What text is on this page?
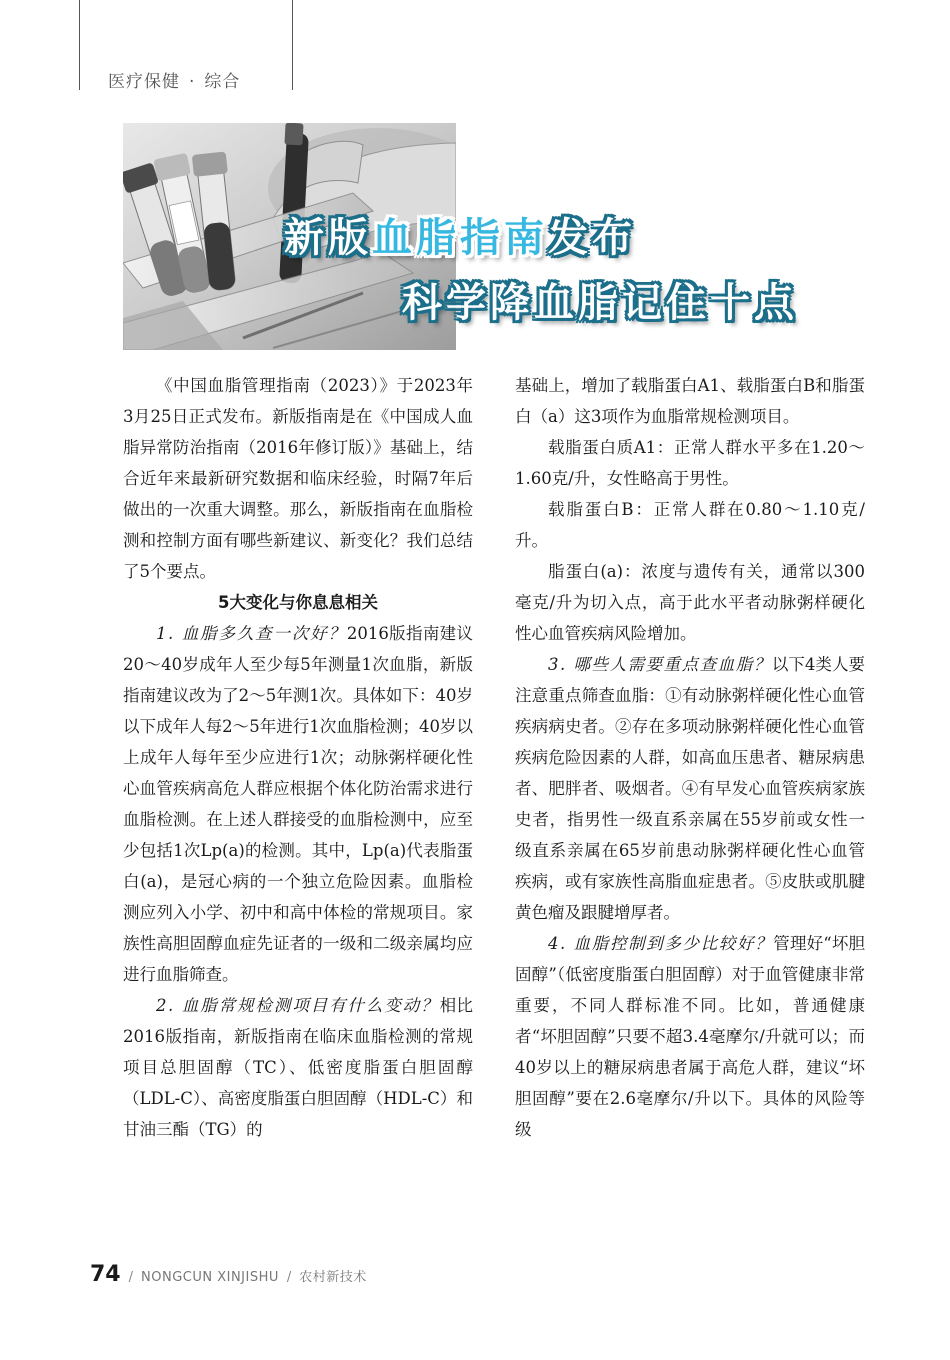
医疗保健 · 综合
新版血脂指南发布
科学降血脂记住十点

《中国血脂管理指南（2023）》于2023年3月25日正式发布。新版指南是在《中国成人血脂异常防治指南（2016年修订版）》基础上，结合近年来最新研究数据和临床经验，时隔7年后做出的一次重大调整。那么，新版指南在血脂检测和控制方面有哪些新建议、新变化？我们总结了5个要点。

5大变化与你息息相关

1. 血脂多久查一次好？2016版指南建议20～40岁成年人至少每5年测量1次血脂，新版指南建议改为了2～5年测1次。具体如下：40岁以下成年人每2～5年进行1次血脂检测；40岁以上成年人每年至少应进行1次；动脉粥样硬化性心血管疾病高危人群应根据个体化防治需求进行血脂检测。在上述人群接受的血脂检测中，应至少包括1次Lp(a)的检测。其中，Lp(a)代表脂蛋白(a)，是冠心病的一个独立危险因素。血脂检测应列入小学、初中和高中体检的常规项目。家族性高胆固醇血症先证者的一级和二级亲属均应进行血脂筛查。

2. 血脂常规检测项目有什么变动？相比2016版指南，新版指南在临床血脂检测的常规项目总胆固醇（TC）、低密度脂蛋白胆固醇（LDL-C）、高密度脂蛋白胆固醇（HDL-C）和甘油三酯（TG）的

基础上，增加了载脂蛋白A1、载脂蛋白B和脂蛋白（a）这3项作为血脂常规检测项目。

载脂蛋白质A1：正常人群水平多在1.20～1.60克/升，女性略高于男性。

载脂蛋白B：正常人群在0.80～1.10克/升。

脂蛋白(a)：浓度与遗传有关，通常以300毫克/升为切入点，高于此水平者动脉粥样硬化性心血管疾病风险增加。

3. 哪些人需要重点查血脂？以下4类人要注意重点筛查血脂：①有动脉粥样硬化性心血管疾病病史者。②存在多项动脉粥样硬化性心血管疾病危险因素的人群，如高血压患者、糖尿病患者、肥胖者、吸烟者。④有早发心血管疾病家族史者，指男性一级直系亲属在55岁前或女性一级直系亲属在65岁前患动脉粥样硬化性心血管疾病，或有家族性高脂血症患者。⑤皮肤或肌腱黄色瘤及跟腱增厚者。

4. 血脂控制到多少比较好？管理好“坏胆固醇”（低密度脂蛋白胆固醇）对于血管健康非常重要，不同人群标准不同。比如，普通健康者“坏胆固醇”只要不超3.4毫摩尔/升就可以；而40岁以上的糖尿病患者属于高危人群，建议“坏胆固醇”要在2.6毫摩尔/升以下。具体的风险等级

74 / NONGCUN XINJISHU / 农村新技术
